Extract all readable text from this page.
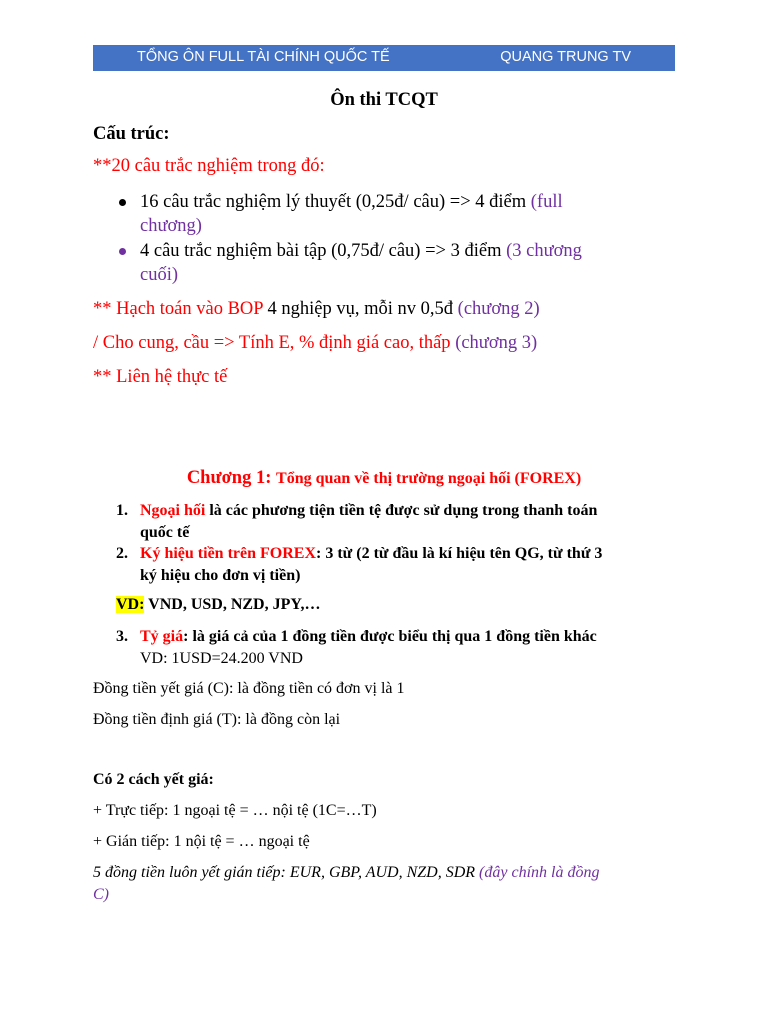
TỔNG ÔN FULL TÀI CHÍNH QUỐC TẾ	QUANG TRUNG TV
Ôn thi TCQT
Cấu trúc:
**20 câu trắc nghiệm trong đó:
16 câu trắc nghiệm lý thuyết (0,25đ/ câu) => 4 điểm (full
chương)
4 câu trắc nghiệm bài tập (0,75đ/ câu) => 3 điểm (3 chương
cuối)
** Hạch toán vào BOP 4 nghiệp vụ, mỗi nv 0,5đ (chương 2)
/ Cho cung, cầu => Tính E, % định giá cao, thấp (chương 3)
** Liên hệ thực tế
Chương 1: Tổng quan về thị trường ngoại hối (FOREX)
1. Ngoại hối là các phương tiện tiền tệ được sử dụng trong thanh toán
quốc tế
2. Ký hiệu tiền trên FOREX: 3 từ (2 từ đầu là kí hiệu tên QG, từ thứ 3
ký hiệu cho đơn vị tiền)
VD: VND, USD, NZD, JPY,…
3. Tỷ giá: là giá cả của 1 đồng tiền được biểu thị qua 1 đồng tiền khác
VD: 1USD=24.200 VND
Đồng tiền yết giá (C): là đồng tiền có đơn vị là 1
Đồng tiền định giá (T): là đồng còn lại
Có 2 cách yết giá:
+ Trực tiếp: 1 ngoại tệ = … nội tệ (1C=…T)
+ Gián tiếp: 1 nội tệ = … ngoại tệ
5 đồng tiền luôn yết gián tiếp: EUR, GBP, AUD, NZD, SDR (đây chính là đồng
C)
